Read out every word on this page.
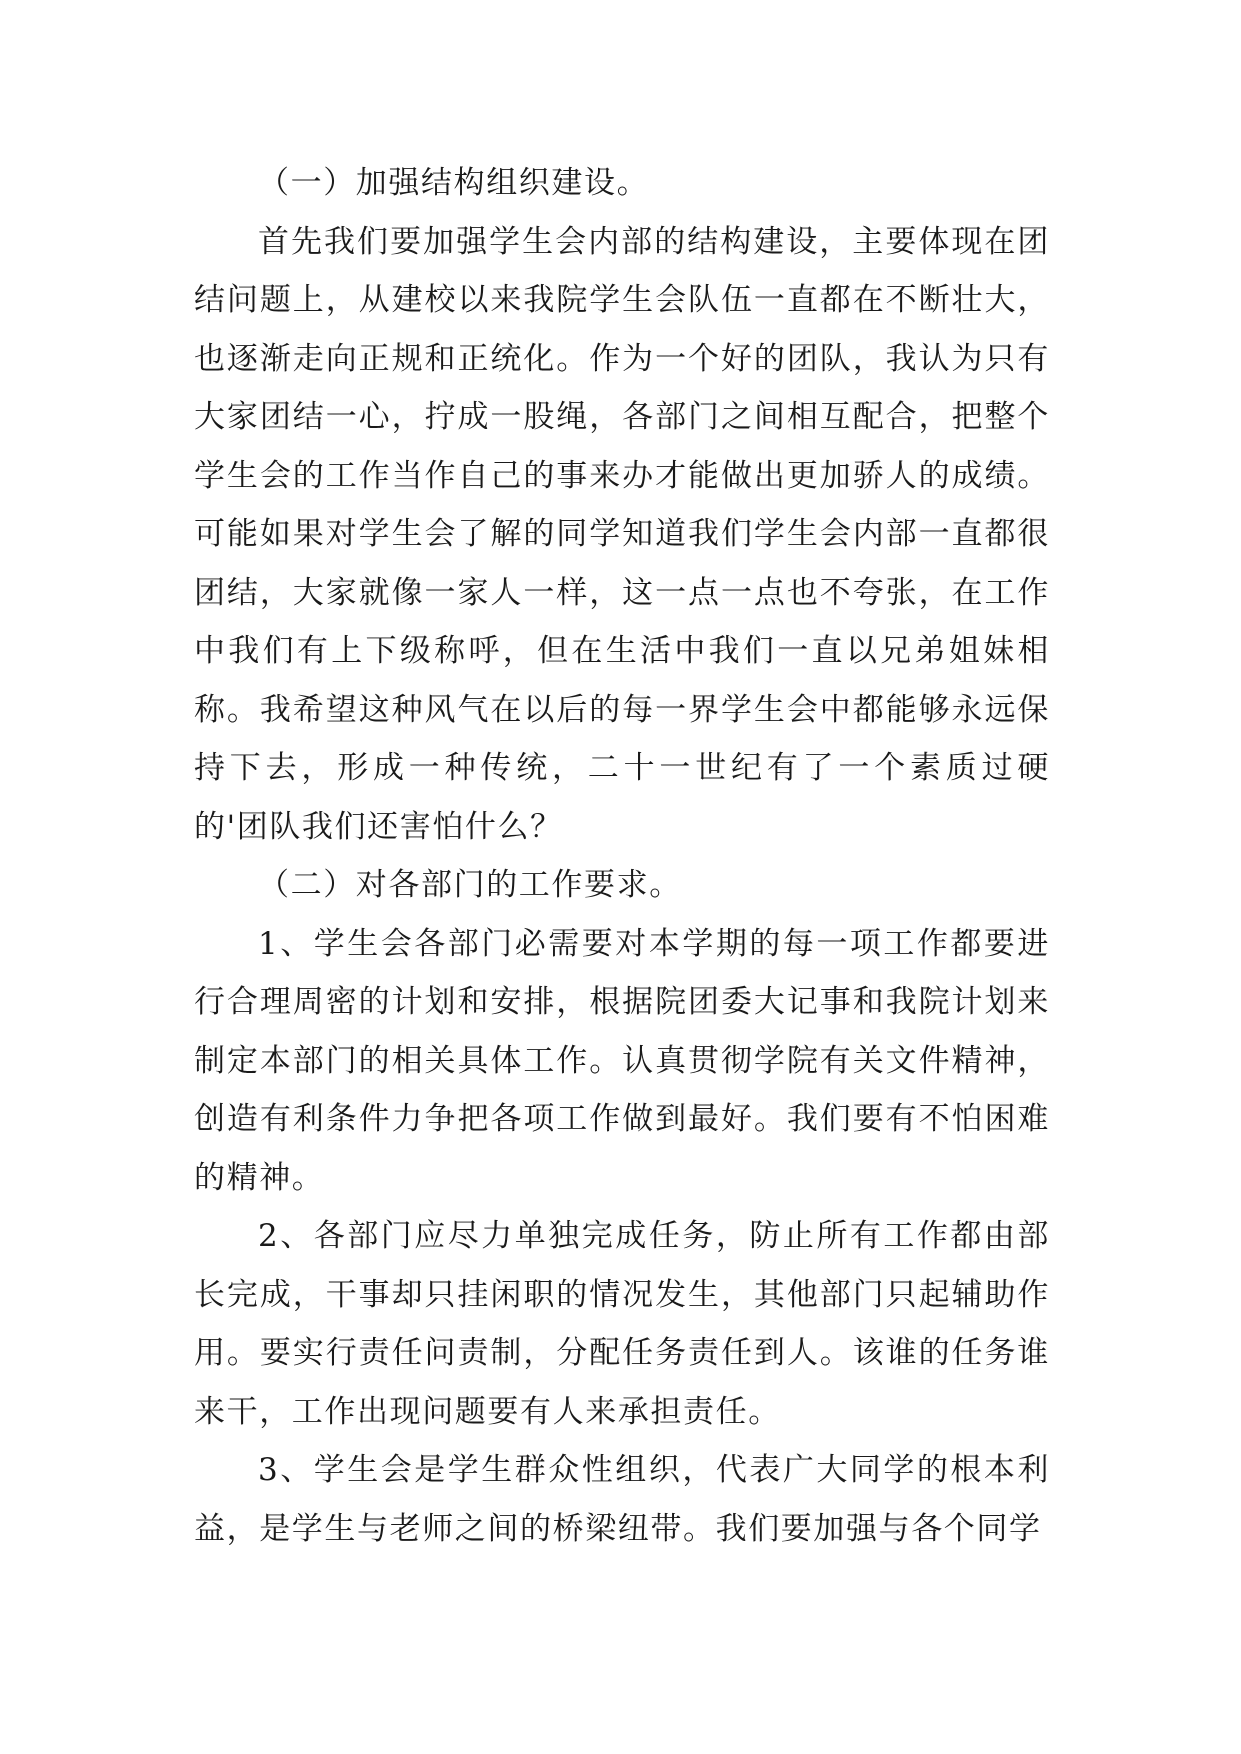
（一）加强结构组织建设。

首先我们要加强学生会内部的结构建设，主要体现在团结问题上，从建校以来我院学生会队伍一直都在不断壮大，也逐渐走向正规和正统化。作为一个好的团队，我认为只有大家团结一心，拧成一股绳，各部门之间相互配合，把整个学生会的工作当作自己的事来办才能做出更加骄人的成绩。可能如果对学生会了解的同学知道我们学生会内部一直都很团结，大家就像一家人一样，这一点一点也不夸张，在工作中我们有上下级称呼，但在生活中我们一直以兄弟姐妹相称。我希望这种风气在以后的每一界学生会中都能够永远保持下去，形成一种传统，二十一世纪有了一个素质过硬的'团队我们还害怕什么？

（二）对各部门的工作要求。

1、学生会各部门必需要对本学期的每一项工作都要进行合理周密的计划和安排，根据院团委大记事和我院计划来制定本部门的相关具体工作。认真贯彻学院有关文件精神，创造有利条件力争把各项工作做到最好。我们要有不怕困难的精神。

2、各部门应尽力单独完成任务，防止所有工作都由部长完成，干事却只挂闲职的情况发生，其他部门只起辅助作用。要实行责任问责制，分配任务责任到人。该谁的任务谁来干，工作出现问题要有人来承担责任。

3、学生会是学生群众性组织，代表广大同学的根本利益，是学生与老师之间的桥梁纽带。我们要加强与各个同学
